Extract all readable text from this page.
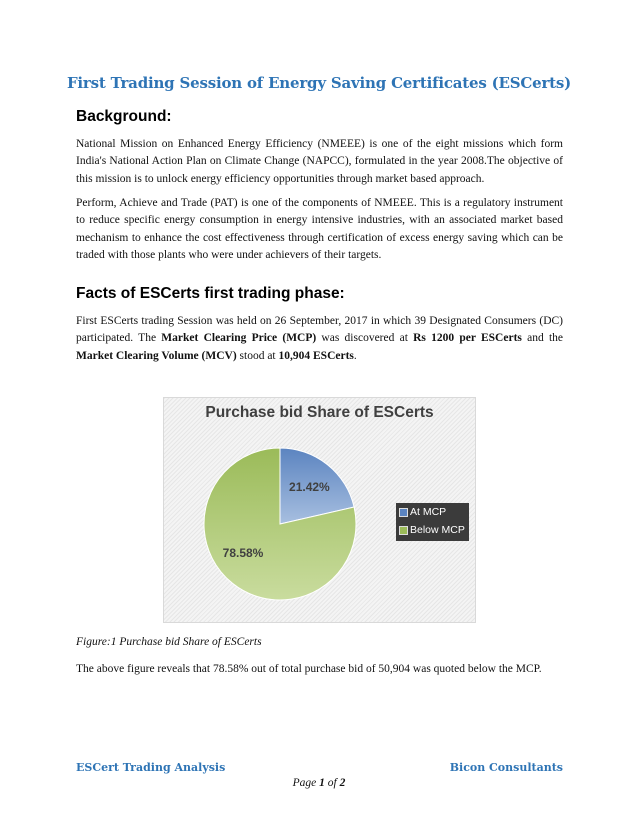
First Trading Session of Energy Saving Certificates (ESCerts)
Background:
National Mission on Enhanced Energy Efficiency (NMEEE) is one of the eight missions which form India's National Action Plan on Climate Change (NAPCC), formulated in the year 2008.The objective of this mission is to unlock energy efficiency opportunities through market based approach.
Perform, Achieve and Trade (PAT) is one of the components of NMEEE. This is a regulatory instrument to reduce specific energy consumption in energy intensive industries, with an associated market based mechanism to enhance the cost effectiveness through certification of excess energy saving which can be traded with those plants who were under achievers of their targets.
Facts of ESCerts first trading phase:
First ESCerts trading Session was held on 26 September, 2017 in which 39 Designated Consumers (DC) participated. The Market Clearing Price (MCP) was discovered at Rs 1200 per ESCerts and the Market Clearing Volume (MCV) stood at 10,904 ESCerts.
Purchase bid Share of ESCerts
21.42%
78.58%
At MCP
Below MCP
Figure:1 Purchase bid Share of ESCerts
The above figure reveals that 78.58% out of total purchase bid of 50,904 was quoted below the MCP.
ESCert Trading Analysis	Bicon Consultants
Page 1 of 2
